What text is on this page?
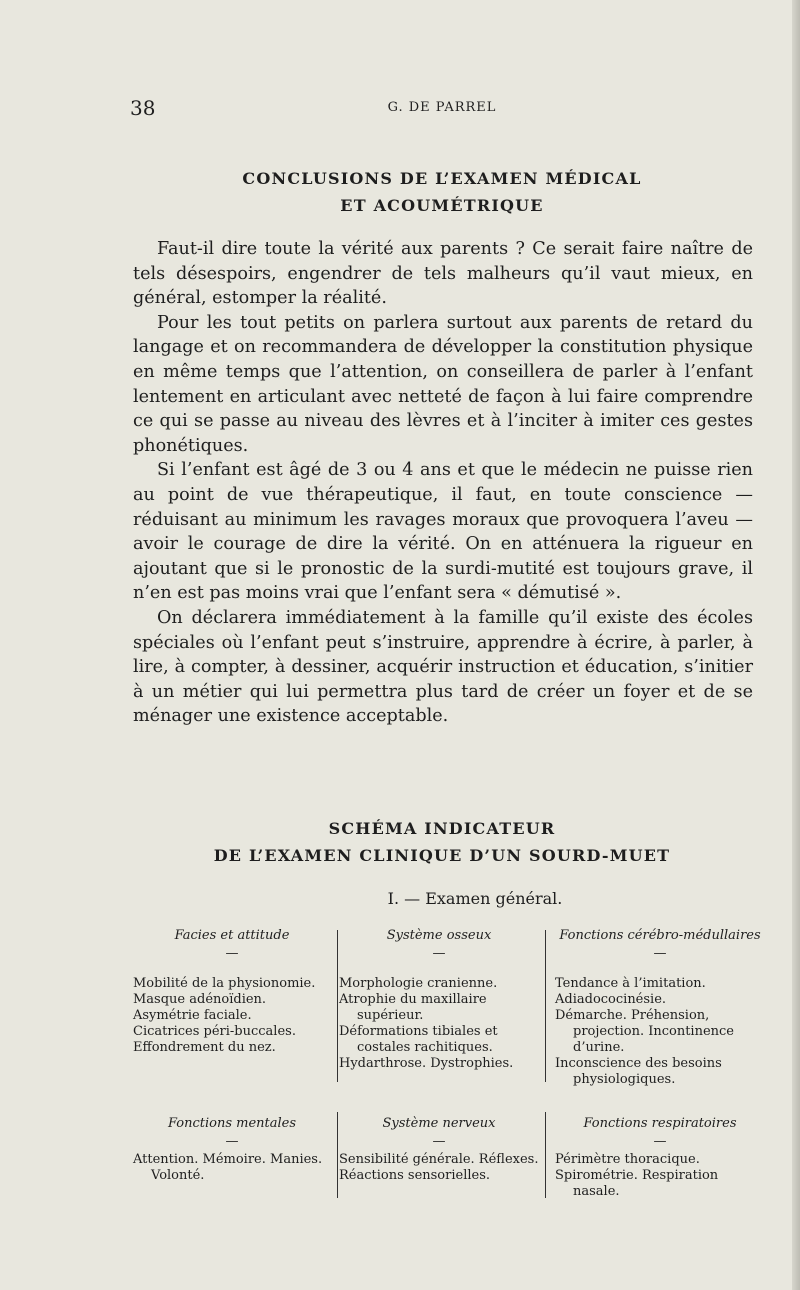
38	G. DE PARREL
CONCLUSIONS DE L’EXAMEN MÉDICAL
ET ACOUMÉTRIQUE

Faut-il dire toute la vérité aux parents ? Ce serait faire naître de tels désespoirs, engendrer de tels malheurs qu’il vaut mieux, en général, estomper la réalité.

Pour les tout petits on parlera surtout aux parents de retard du langage et on recommandera de développer la constitution physique en même temps que l’attention, on conseillera de parler à l’enfant lentement en articulant avec netteté de façon à lui faire comprendre ce qui se passe au niveau des lèvres et à l’inciter à imiter ces gestes phonétiques.

Si l’enfant est âgé de 3 ou 4 ans et que le médecin ne puisse rien au point de vue thérapeutique, il faut, en toute conscience — réduisant au minimum les ravages moraux que provoquera l’aveu — avoir le courage de dire la vérité. On en atténuera la rigueur en ajoutant que si le pronostic de la surdi-mutité est toujours grave, il n’en est pas moins vrai que l’enfant sera « démutisé ».

On déclarera immédiatement à la famille qu’il existe des écoles spéciales où l’enfant peut s’instruire, apprendre à écrire, à parler, à lire, à compter, à dessiner, acquérir instruction et éducation, s’initier à un métier qui lui permettra plus tard de créer un foyer et de se ménager une existence acceptable.

SCHÉMA INDICATEUR
DE L’EXAMEN CLINIQUE D’UN SOURD-MUET
I. — Examen général.
Facies et attitude
—
Mobilité de la physionomie.
Masque adénoïdien.
Asymétrie faciale.
Cicatrices péri-buccales.
Effondrement du nez.
Système osseux
—
Morphologie cranienne.
Atrophie du maxillaire supérieur.
Déformations tibiales et costales rachitiques.
Hydarthrose. Dystrophies.
Fonctions cérébro-médullaires
—
Tendance à l’imitation.
Adiadococinésie.
Démarche. Préhension, projection. Incontinence d’urine.
Inconscience des besoins physiologiques.
Fonctions mentales
—
Attention. Mémoire. Manies. Volonté.
Système nerveux
—
Sensibilité générale. Réflexes.
Réactions sensorielles.
Fonctions respiratoires
—
Périmètre thoracique.
Spirométrie. Respiration nasale.
